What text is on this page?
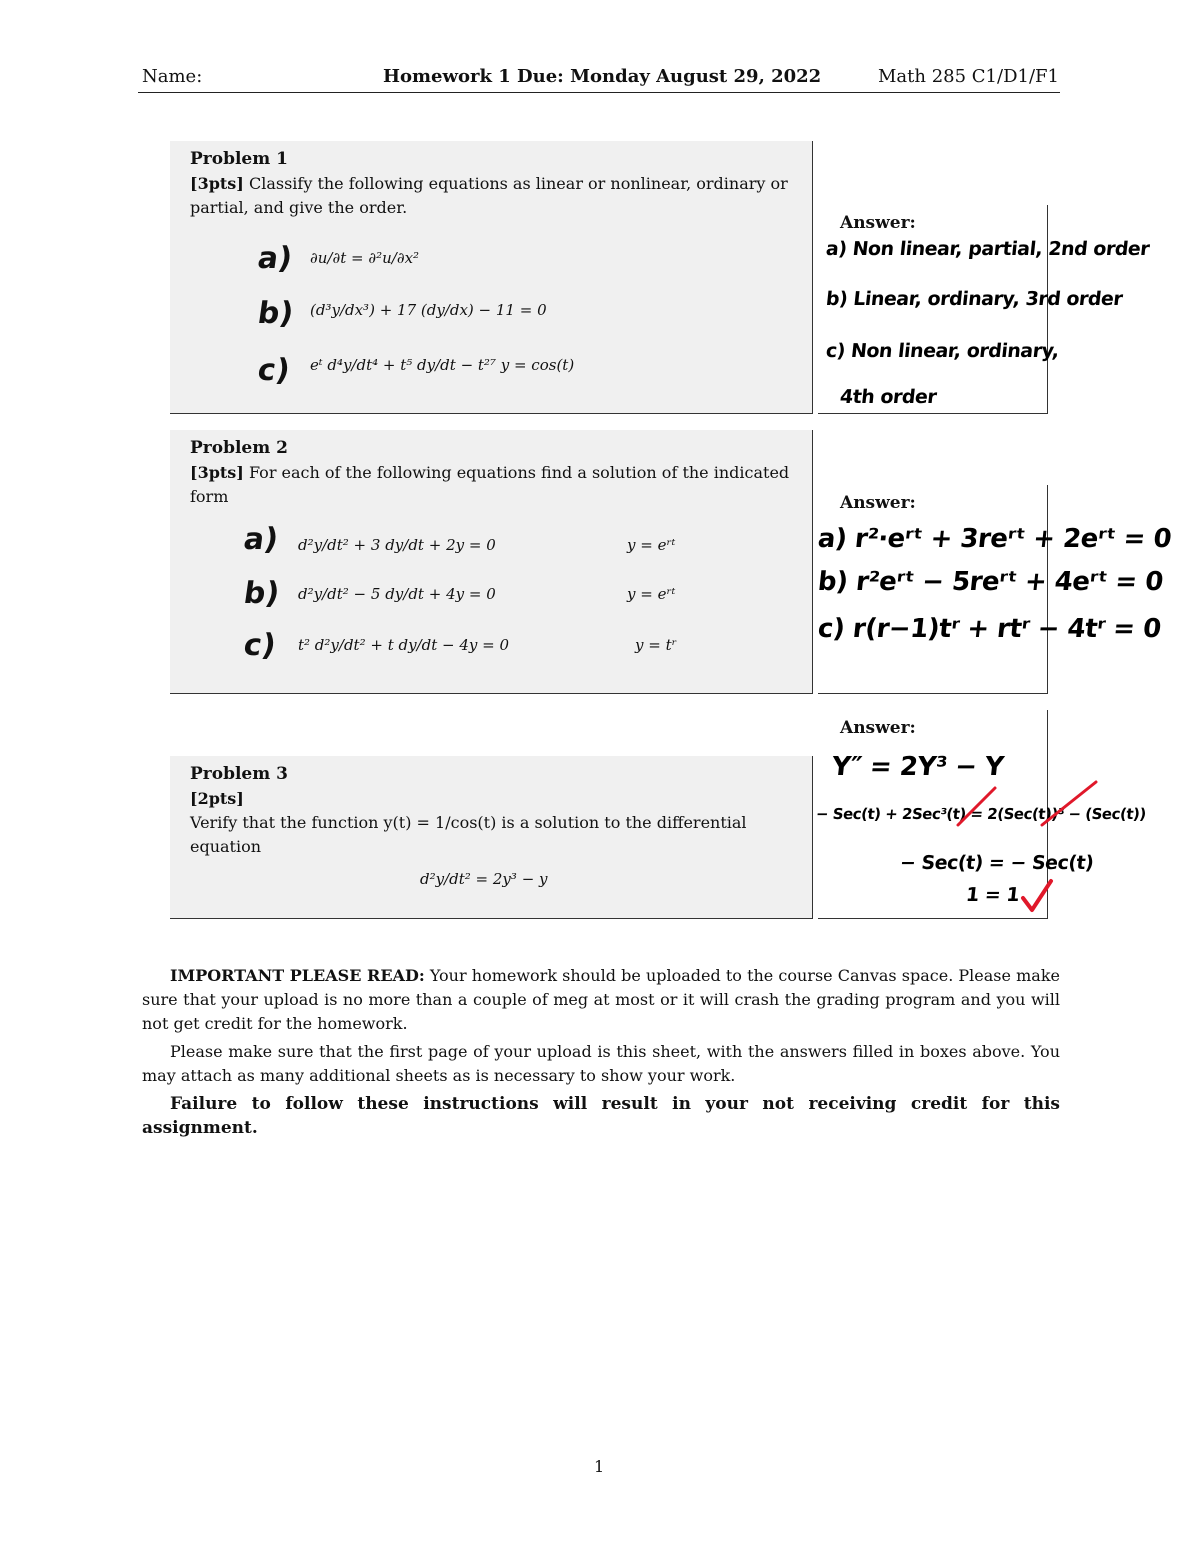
Name:	Homework 1 Due: Monday August 29, 2022	Math 285 C1/D1/F1
Problem 1
[3pts] Classify the following equations as linear or nonlinear, ordinary or partial, and give the order.
a) ∂u/∂t = ∂²u/∂x²
b) (d³y/dx³) + 17 (dy/dx) − 11 = 0
c) eᵗ d⁴y/dt⁴ + t⁵ dy/dt − t²⁷ y = cos(t)
Answer:
a) Non linear, partial, 2nd order
b) Linear, ordinary, 3rd order
c) Non linear, ordinary,
4th order
Problem 2
[3pts] For each of the following equations find a solution of the indicated form
a) d²y/dt² + 3 dy/dt + 2y = 0	y = eʳᵗ
b) d²y/dt² − 5 dy/dt + 4y = 0	y = eʳᵗ
c) t² d²y/dt² + t dy/dt − 4y = 0	y = tʳ
Answer:
a) r²·eʳᵗ + 3reʳᵗ + 2eʳᵗ = 0
b) r²eʳᵗ − 5reʳᵗ + 4eʳᵗ = 0
c) r(r−1)tʳ + rtʳ − 4tʳ = 0
Problem 3
[2pts]
Verify that the function y(t) = 1/cos(t) is a solution to the differential equation
d²y/dt² = 2y³ − y
Answer:
Y″ = 2Y³ − Y
− Sec(t) + 2Sec³(t) = 2(Sec(t))³ − (Sec(t))
− Sec(t) = − Sec(t)
1 = 1
IMPORTANT PLEASE READ: Your homework should be uploaded to the course Canvas space. Please make sure that your upload is no more than a couple of meg at most or it will crash the grading program and you will not get credit for the homework.
Please make sure that the first page of your upload is this sheet, with the answers filled in boxes above. You may attach as many additional sheets as is necessary to show your work.
Failure to follow these instructions will result in your not receiving credit for this assignment.
1
